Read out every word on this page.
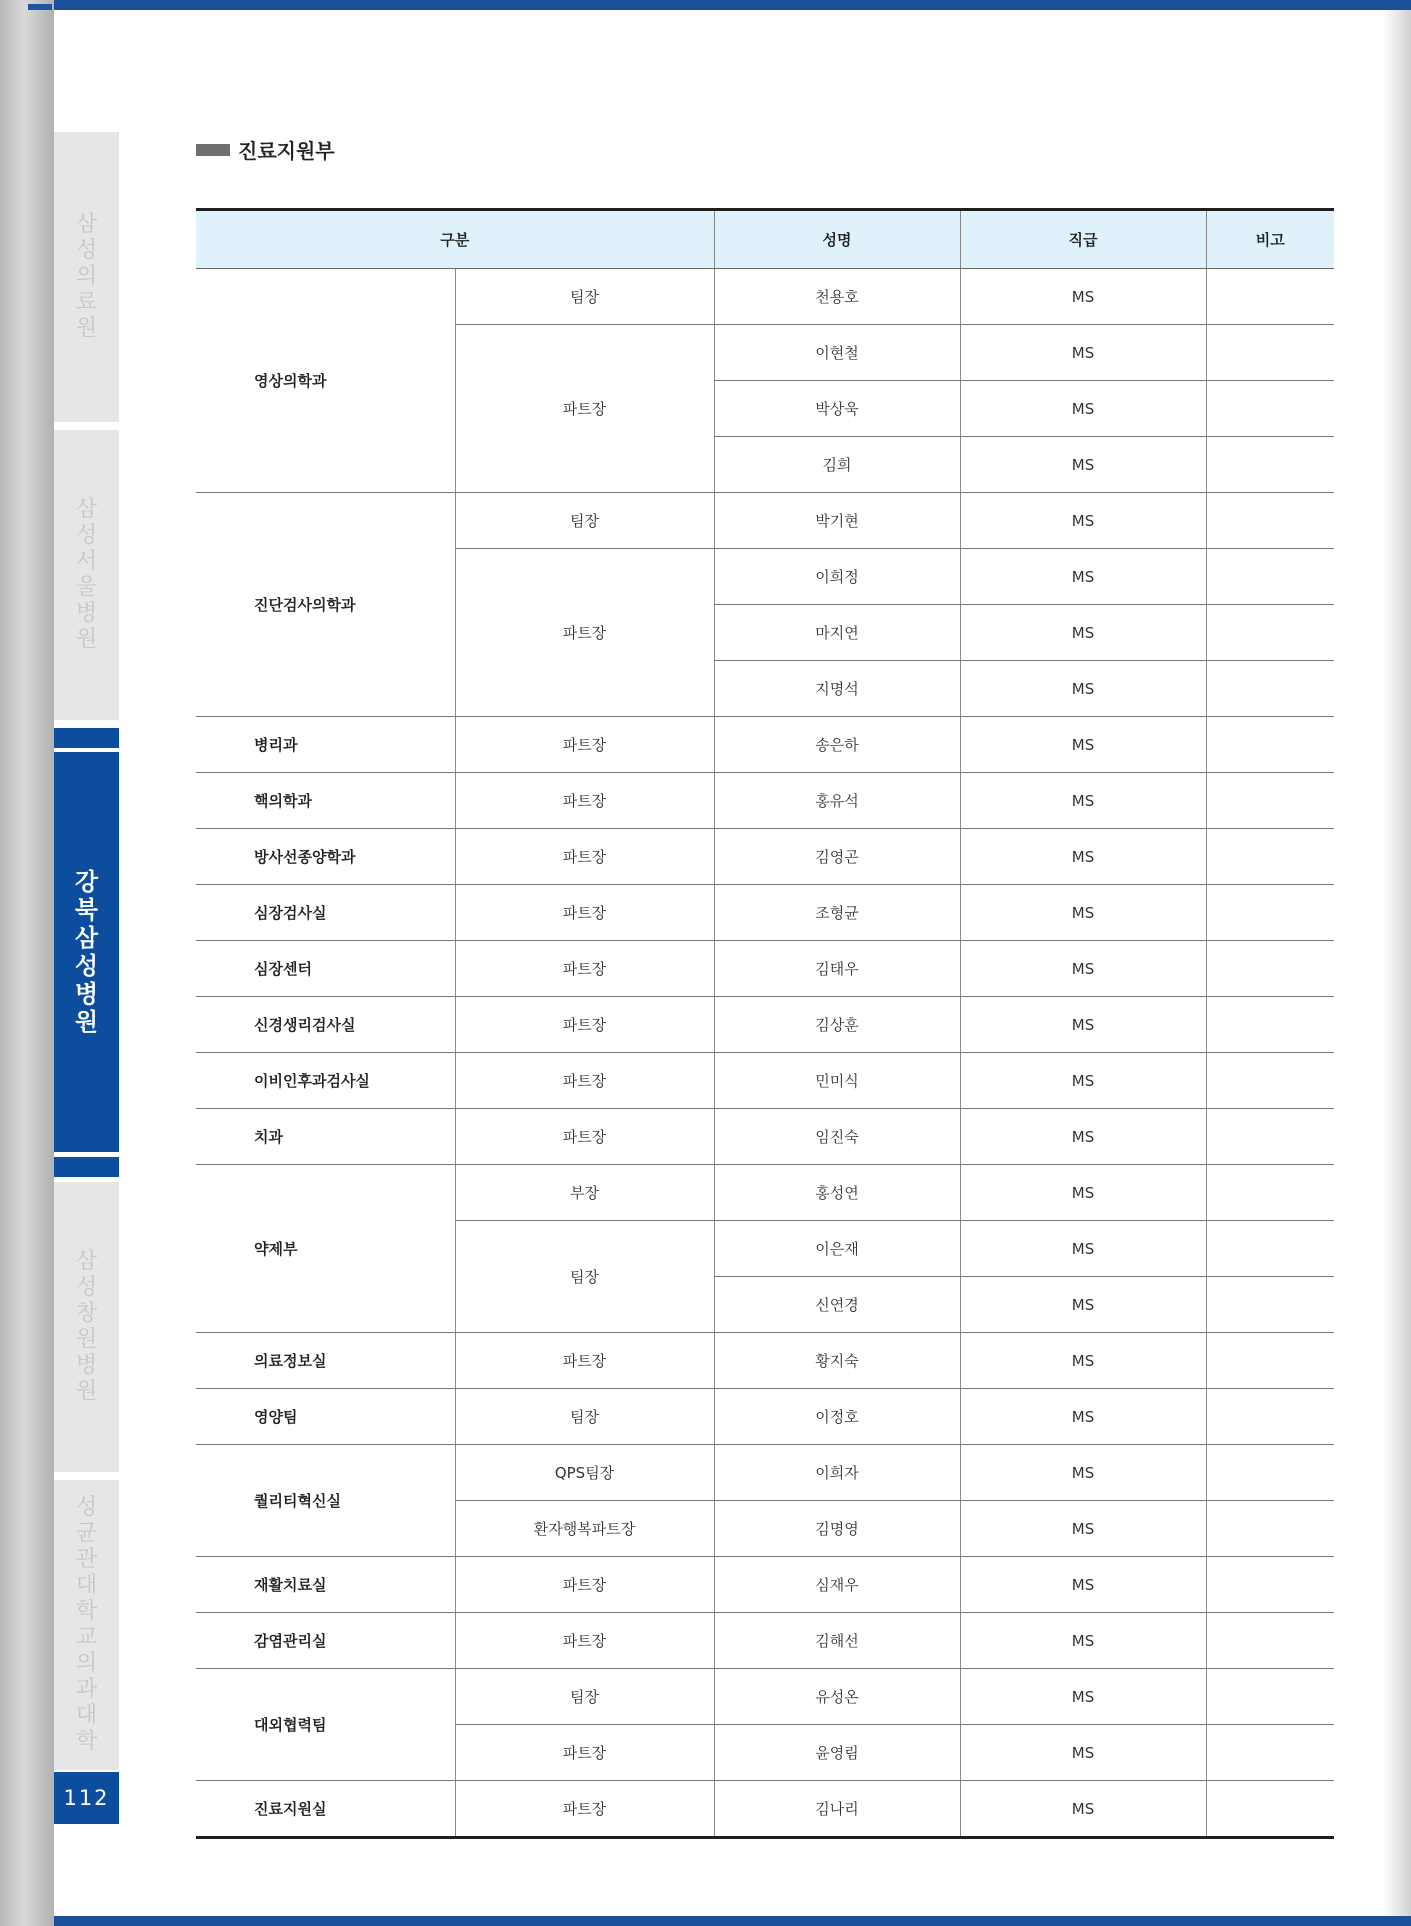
삼
성
의
료
원
삼
성
서
울
병
원
강
북
삼
성
병
원
삼
성
창
원
병
원
성
균
관
대
학
교
의
과
대
학
112
진료지원부
구분		성명	직급	비고
영상의학과	팀장	천용호	MS	
	파트장	이현철	MS	
		박상욱	MS	
		김희	MS	
진단검사의학과	팀장	박기현	MS	
	파트장	이희정	MS	
		마지연	MS	
		지명석	MS	
병리과	파트장	송은하	MS	
핵의학과	파트장	홍유석	MS	
방사선종양학과	파트장	김영곤	MS	
심장검사실	파트장	조형균	MS	
심장센터	파트장	김태우	MS	
신경생리검사실	파트장	김상훈	MS	
이비인후과검사실	파트장	민미식	MS	
치과	파트장	임진숙	MS	
약제부	부장	홍성연	MS	
	팀장	이은재	MS	
		신연경	MS	
의료정보실	파트장	황지숙	MS	
영양팀	팀장	이정호	MS	
퀄리티혁신실	QPS팀장	이희자	MS	
	환자행복파트장	김명영	MS	
재활치료실	파트장	심재우	MS	
감염관리실	파트장	김해선	MS	
대외협력팀	팀장	유성온	MS	
	파트장	윤영림	MS	
진료지원실	파트장	김나리	MS	
